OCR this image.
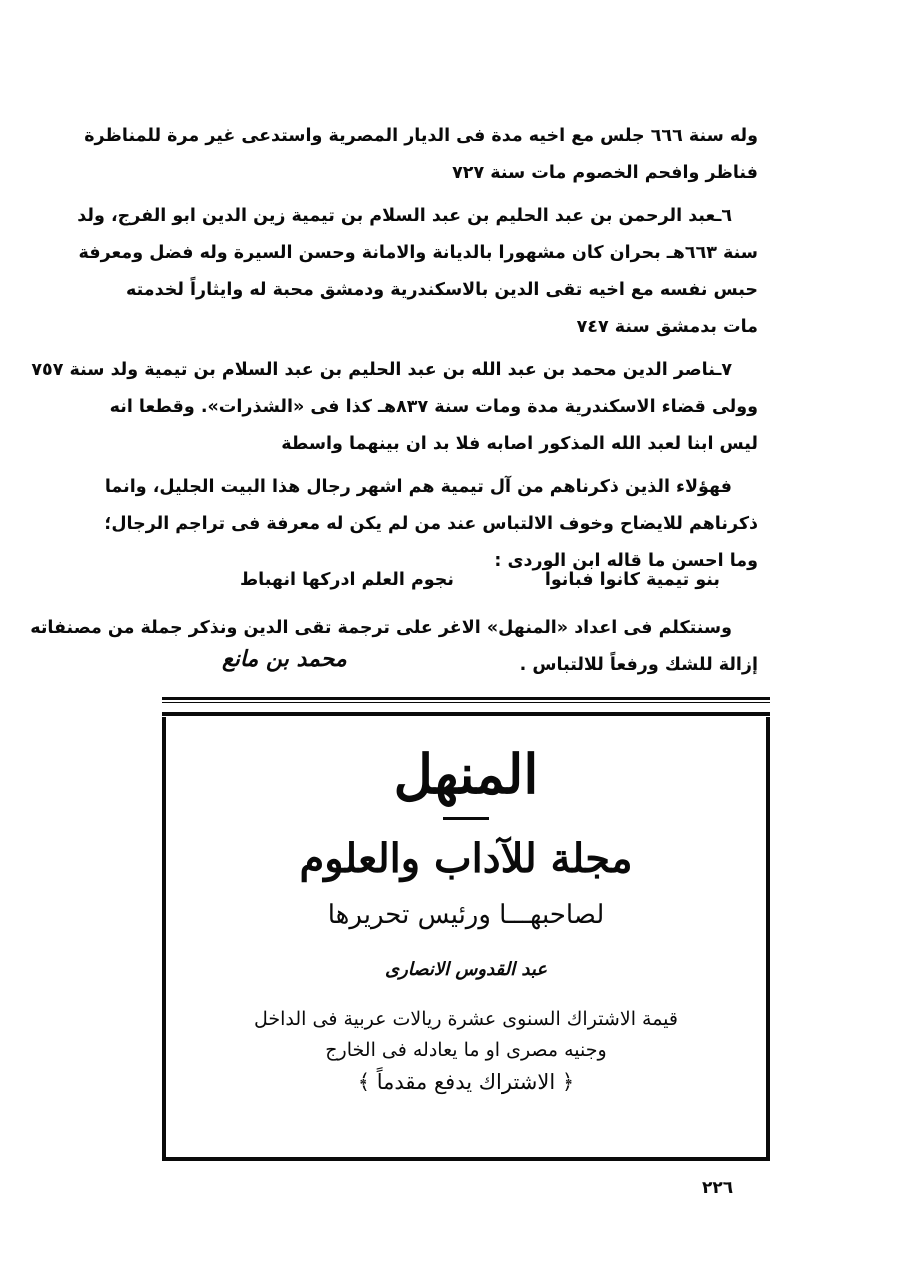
وله سنة ٦٦٦ جلس مع اخيه مدة فى الديار المصرية واستدعى غير مرة للمناظرة
فناظر وافحم الخصوم مات سنة ٧٢٧

٦ـعبد الرحمن بن عبد الحليم بن عبد السلام بن تيمية زين الدين ابو الفرج، ولد
سنة ٦٦٣هـ بحران كان مشهورا بالديانة والامانة وحسن السيرة وله فضل ومعرفة
حبس نفسه مع اخيه تقى الدين بالاسكندرية ودمشق محبة له وايثاراً لخدمته
مات بدمشق سنة ٧٤٧

٧ـناصر الدين محمد بن عبد الله بن عبد الحليم بن عبد السلام بن تيمية ولد سنة ٧٥٧
وولى قضاء الاسكندرية مدة ومات سنة ٨٣٧هـ كذا فى «الشذرات». وقطعا انه
ليس ابنا لعبد الله المذكور اصابه فلا بد ان بينهما واسطة

فهؤلاء الذين ذكرناهم من آل تيمية هم اشهر رجال هذا البيت الجليل، وانما
ذكرناهم للايضاح وخوف الالتباس عند من لم يكن له معرفة فى تراجم الرجال؛
وما احسن ما قاله ابن الوردى :

بنو تيمية كانوا فبانوا
نجوم العلم ادركها انهباط
وسنتكلم فى اعداد «المنهل» الاغر على ترجمة تقى الدين ونذكر جملة من مصنفاته
إزالة للشك ورفعاً للالتباس .
محمد بن مانع
المنهل
مجلة للآداب والعلوم
لصاحبهـــا ورئيس تحريرها
عبد القدوس الانصارى
قيمة الاشتراك السنوى عشرة ريالات عربية فى الداخل
وجنيه مصرى او ما يعادله فى الخارج
﴿ الاشتراك يدفع مقدماً ﴾
٢٢٦
